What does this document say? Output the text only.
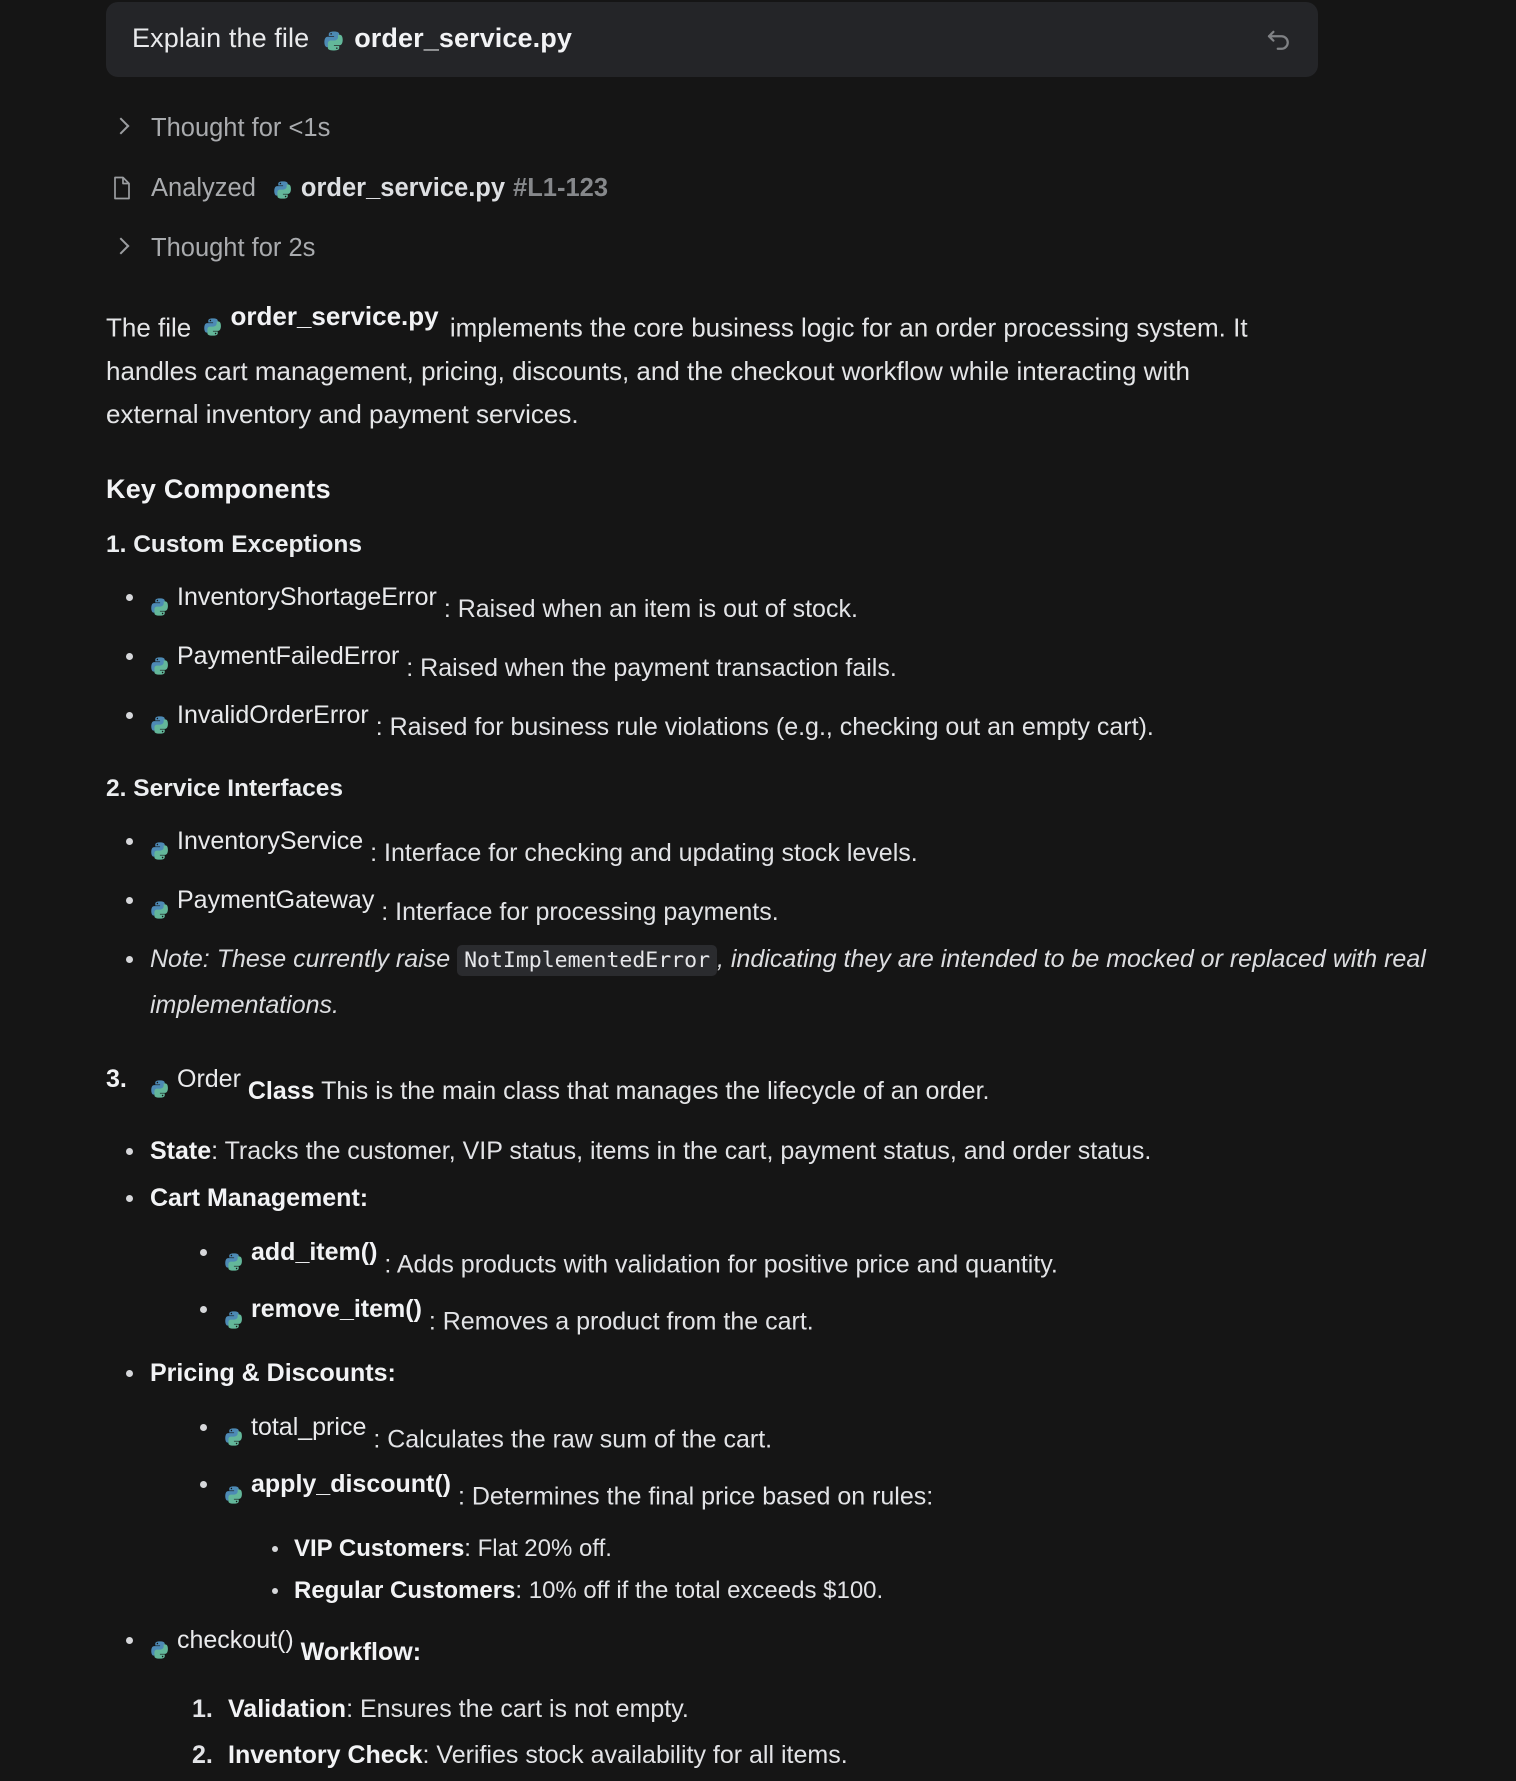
Explain the file order_service.py
Thought for <1s
Analyzed order_service.py #L1-123
Thought for 2s

The file order_service.py implements the core business logic for an order processing system. It handles cart management, pricing, discounts, and the checkout workflow while interacting with external inventory and payment services.

Key Components
1. Custom Exceptions
InventoryShortageError : Raised when an item is out of stock.
PaymentFailedError : Raised when the payment transaction fails.
InvalidOrderError : Raised for business rule violations (e.g., checking out an empty cart).
2. Service Interfaces
InventoryService : Interface for checking and updating stock levels.
PaymentGateway : Interface for processing payments.
Note: These currently raise NotImplementedError , indicating they are intended to be mocked or replaced with real implementations.
3. Order Class This is the main class that manages the lifecycle of an order.
State: Tracks the customer, VIP status, items in the cart, payment status, and order status.
Cart Management:
add_item() : Adds products with validation for positive price and quantity.
remove_item() : Removes a product from the cart.
Pricing & Discounts:
total_price : Calculates the raw sum of the cart.
apply_discount() : Determines the final price based on rules:
VIP Customers: Flat 20% off.
Regular Customers: 10% off if the total exceeds $100.
checkout() Workflow:
Validation: Ensures the cart is not empty.
Inventory Check: Verifies stock availability for all items.
